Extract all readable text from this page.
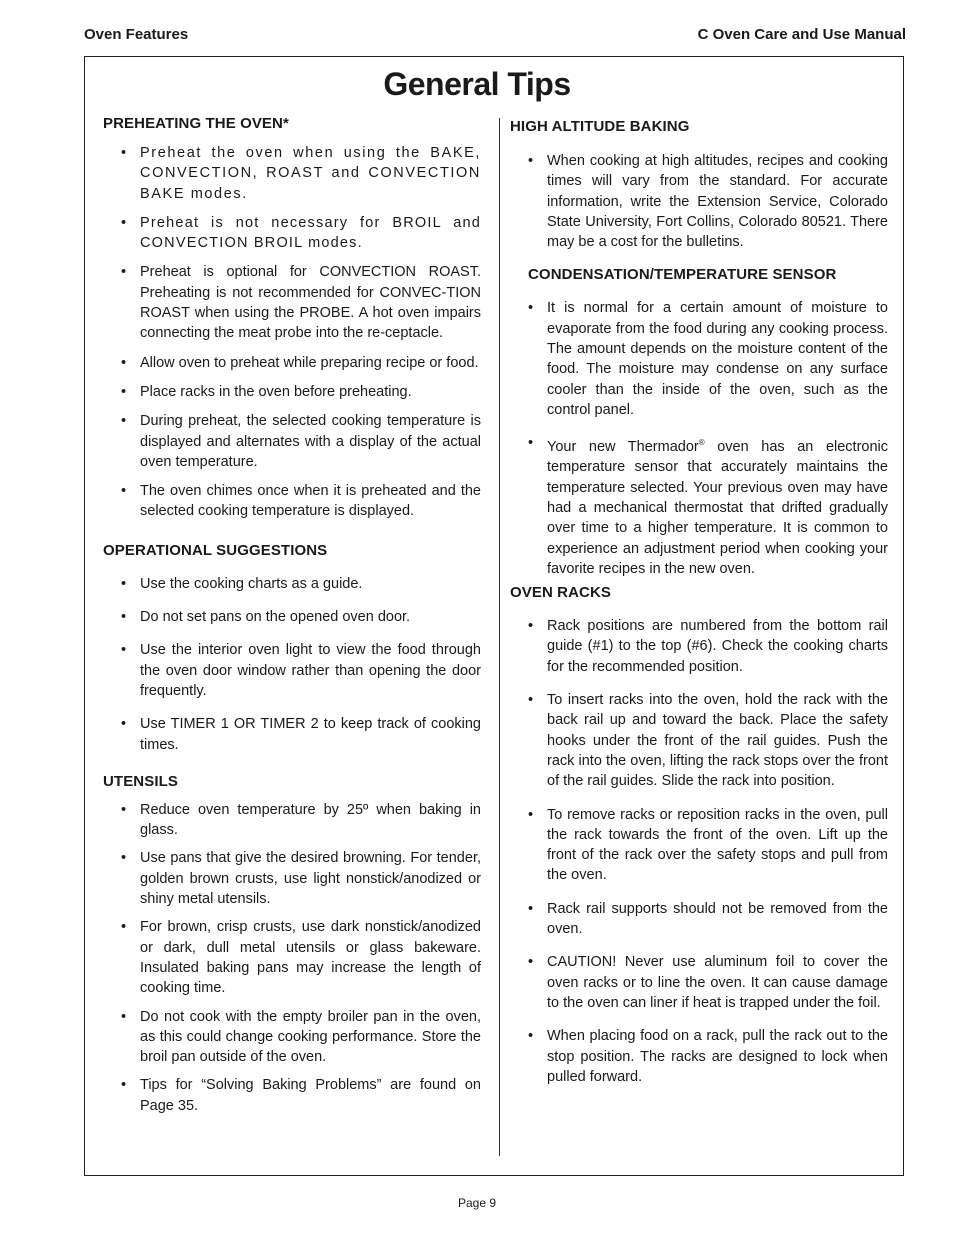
Oven Features	C Oven Care and Use Manual
General Tips
PREHEATING THE OVEN*
• Preheat the oven when using the BAKE, CONVECTION, ROAST and CONVECTION BAKE modes.
• Preheat is not necessary for BROIL and CONVECTION BROIL modes.
• Preheat is optional for CONVECTION ROAST. Preheating is not recommended for CONVEC-TION ROAST when using the PROBE. A hot oven impairs connecting the meat probe into the re-ceptacle.
• Allow oven to preheat while preparing recipe or food.
• Place racks in the oven before preheating.
• During preheat, the selected cooking temperature is displayed and alternates with a display of the actual oven temperature.
• The oven chimes once when it is preheated and the selected cooking temperature is displayed.
OPERATIONAL SUGGESTIONS
• Use the cooking charts as a guide.
• Do not set pans on the opened oven door.
• Use the interior oven light to view the food through the oven door window rather than opening the door frequently.
• Use TIMER 1 OR TIMER 2 to keep track of cooking times.
UTENSILS
• Reduce oven temperature by 25º when baking in glass.
• Use pans that give the desired browning. For tender, golden brown crusts, use light nonstick/anodized or shiny metal utensils.
• For brown, crisp crusts, use dark nonstick/anodized or dark, dull metal utensils or glass bakeware. Insulated baking pans may increase the length of cooking time.
• Do not cook with the empty broiler pan in the oven, as this could change cooking performance. Store the broil pan outside of the oven.
• Tips for “Solving Baking Problems” are found on Page 35.
HIGH ALTITUDE BAKING
• When cooking at high altitudes, recipes and cooking times will vary from the standard. For accurate information, write the Extension Service, Colorado State University, Fort Collins, Colorado 80521. There may be a cost for the bulletins.
CONDENSATION/TEMPERATURE SENSOR
• It is normal for a certain amount of moisture to evaporate from the food during any cooking process. The amount depends on the moisture content of the food. The moisture may condense on any surface cooler than the inside of the oven, such as the control panel.
• Your new Thermador® oven has an electronic temperature sensor that accurately maintains the temperature selected. Your previous oven may have had a mechanical thermostat that drifted gradually over time to a higher temperature. It is common to experience an adjustment period when cooking your favorite recipes in the new oven.
OVEN RACKS
• Rack positions are numbered from the bottom rail guide (#1) to the top (#6). Check the cooking charts for the recommended position.
• To insert racks into the oven, hold the rack with the back rail up and toward the back. Place the safety hooks under the front of the rail guides. Push the rack into the oven, lifting the rack stops over the front of the rail guides. Slide the rack into position.
• To remove racks or reposition racks in the oven, pull the rack towards the front of the oven. Lift up the front of the rack over the safety stops and pull from the oven.
• Rack rail supports should not be removed from the oven.
• CAUTION! Never use aluminum foil to cover the oven racks or to line the oven. It can cause damage to the oven can liner if heat is trapped under the foil.
• When placing food on a rack, pull the rack out to the stop position. The racks are designed to lock when pulled forward.
Page 9
